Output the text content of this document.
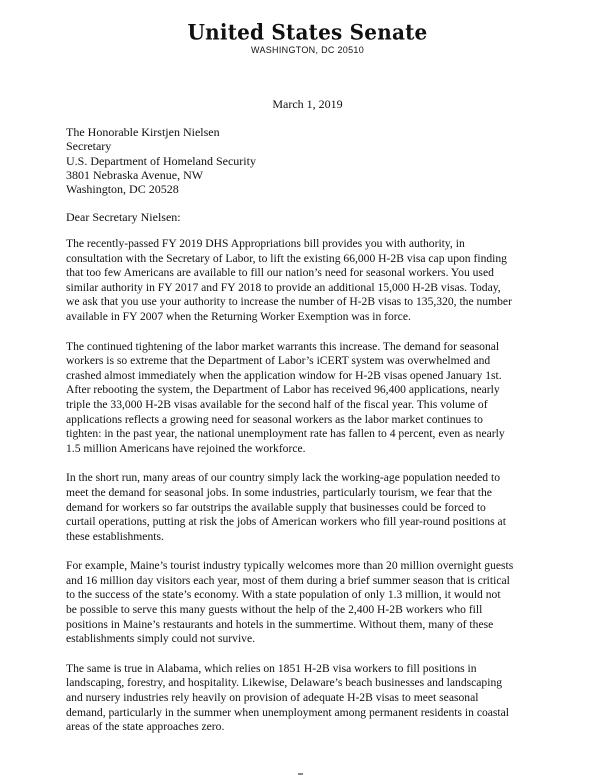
United States Senate
WASHINGTON, DC 20510
March 1, 2019
The Honorable Kirstjen Nielsen
Secretary
U.S. Department of Homeland Security
3801 Nebraska Avenue, NW
Washington, DC 20528
Dear Secretary Nielsen:

The recently-passed FY 2019 DHS Appropriations bill provides you with authority, in
consultation with the Secretary of Labor, to lift the existing 66,000 H-2B visa cap upon finding
that too few Americans are available to fill our nation’s need for seasonal workers. You used
similar authority in FY 2017 and FY 2018 to provide an additional 15,000 H-2B visas. Today,
we ask that you use your authority to increase the number of H-2B visas to 135,320, the number
available in FY 2007 when the Returning Worker Exemption was in force.

The continued tightening of the labor market warrants this increase. The demand for seasonal
workers is so extreme that the Department of Labor’s iCERT system was overwhelmed and
crashed almost immediately when the application window for H-2B visas opened January 1st.
After rebooting the system, the Department of Labor has received 96,400 applications, nearly
triple the 33,000 H-2B visas available for the second half of the fiscal year. This volume of
applications reflects a growing need for seasonal workers as the labor market continues to
tighten: in the past year, the national unemployment rate has fallen to 4 percent, even as nearly
1.5 million Americans have rejoined the workforce.

In the short run, many areas of our country simply lack the working-age population needed to
meet the demand for seasonal jobs. In some industries, particularly tourism, we fear that the
demand for workers so far outstrips the available supply that businesses could be forced to
curtail operations, putting at risk the jobs of American workers who fill year-round positions at
these establishments.

For example, Maine’s tourist industry typically welcomes more than 20 million overnight guests
and 16 million day visitors each year, most of them during a brief summer season that is critical
to the success of the state’s economy. With a state population of only 1.3 million, it would not
be possible to serve this many guests without the help of the 2,400 H-2B workers who fill
positions in Maine’s restaurants and hotels in the summertime. Without them, many of these
establishments simply could not survive.

The same is true in Alabama, which relies on 1851 H-2B visa workers to fill positions in
landscaping, forestry, and hospitality. Likewise, Delaware’s beach businesses and landscaping
and nursery industries rely heavily on provision of adequate H-2B visas to meet seasonal
demand, particularly in the summer when unemployment among permanent residents in coastal
areas of the state approaches zero.
